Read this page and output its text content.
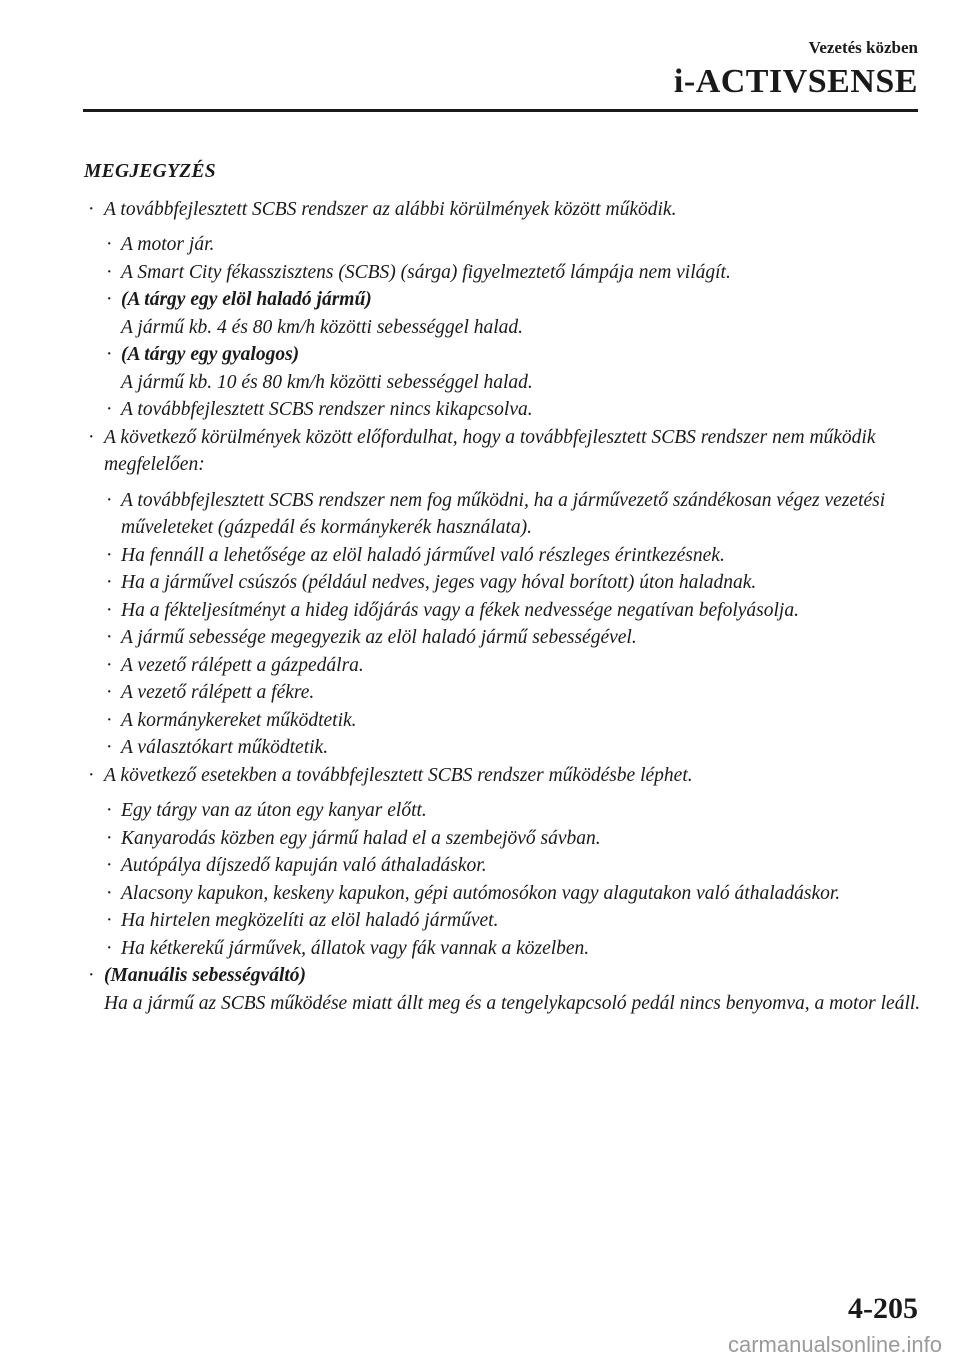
Vezetés közben
i-ACTIVSENSE
MEGJEGYZÉS
· A továbbfejlesztett SCBS rendszer az alábbi körülmények között működik.
· A motor jár.
· A Smart City fékasszisztens (SCBS) (sárga) figyelmeztető lámpája nem világít.
· (A tárgy egy elöl haladó jármű)
A jármű kb. 4 és 80 km/h közötti sebességgel halad.
· (A tárgy egy gyalogos)
A jármű kb. 10 és 80 km/h közötti sebességgel halad.
· A továbbfejlesztett SCBS rendszer nincs kikapcsolva.
· A következő körülmények között előfordulhat, hogy a továbbfejlesztett SCBS rendszer nem működik megfelelően:
· A továbbfejlesztett SCBS rendszer nem fog működni, ha a járművezető szándékosan végez vezetési műveleteket (gázpedál és kormánykerék használata).
· Ha fennáll a lehetősége az elöl haladó járművel való részleges érintkezésnek.
· Ha a járművel csúszós (például nedves, jeges vagy hóval borított) úton haladnak.
· Ha a fékteljesítményt a hideg időjárás vagy a fékek nedvessége negatívan befolyásolja.
· A jármű sebessége megegyezik az elöl haladó jármű sebességével.
· A vezető rálépett a gázpedálra.
· A vezető rálépett a fékre.
· A kormánykereket működtetik.
· A választókart működtetik.
· A következő esetekben a továbbfejlesztett SCBS rendszer működésbe léphet.
· Egy tárgy van az úton egy kanyar előtt.
· Kanyarodás közben egy jármű halad el a szembejövő sávban.
· Autópálya díjszedő kapuján való áthaladáskor.
· Alacsony kapukon, keskeny kapukon, gépi autómosókon vagy alagutakon való áthaladáskor.
· Ha hirtelen megközelíti az elöl haladó járművet.
· Ha kétkerekű járművek, állatok vagy fák vannak a közelben.
· (Manuális sebességváltó)
Ha a jármű az SCBS működése miatt állt meg és a tengelykapcsoló pedál nincs benyomva, a motor leáll.
4-205
carmanualsonline.info
